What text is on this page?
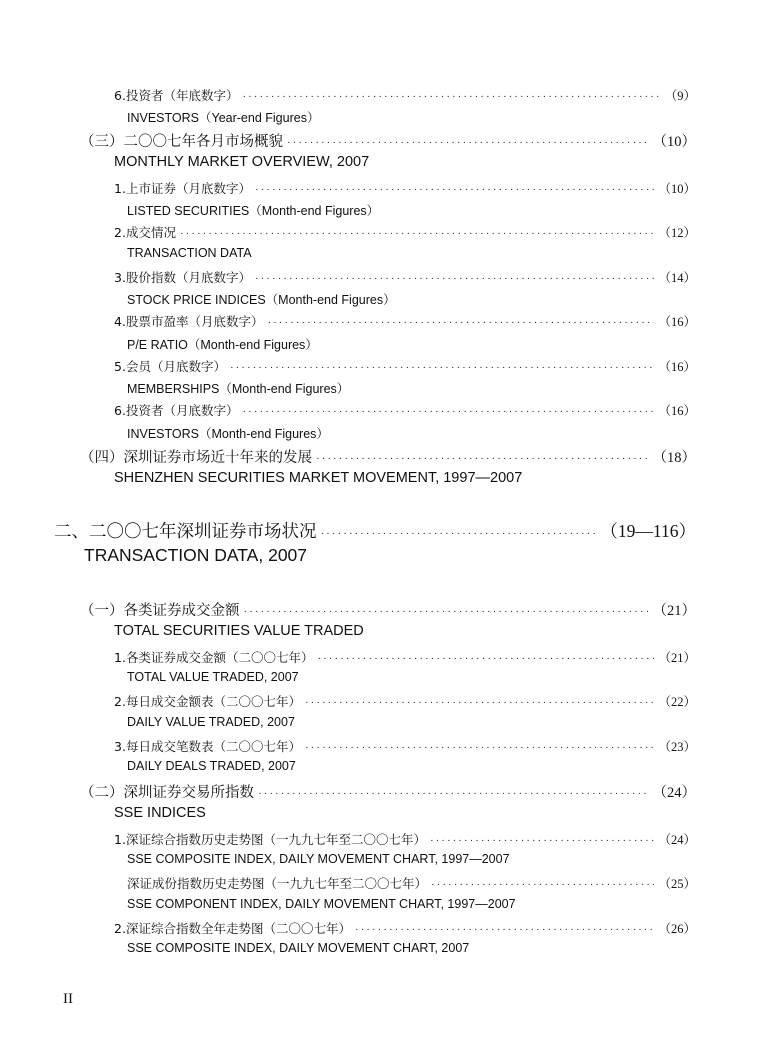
6. 投资者（年底数字） ·····	（9）
INVESTORS（Year-end Figures）
（三）二〇〇七年各月市场概貌 ·····	（10）
MONTHLY MARKET OVERVIEW, 2007
1. 上市证券（月底数字） ·····	（10）
LISTED SECURITIES（Month-end Figures）
2. 成交情况 ·····	（12）
TRANSACTION DATA
3. 股价指数（月底数字） ·····	（14）
STOCK PRICE INDICES（Month-end Figures）
4. 股票市盈率（月底数字） ·····	（16）
P/E RATIO（Month-end Figures）
5. 会员（月底数字） ·····	（16）
MEMBERSHIPS（Month-end Figures）
6. 投资者（月底数字） ·····	（16）
INVESTORS（Month-end Figures）
（四）深圳证券市场近十年来的发展 ·····	（18）
SHENZHEN SECURITIES MARKET MOVEMENT, 1997—2007
二、二〇〇七年深圳证券市场状况 ·····	（19—116）
TRANSACTION DATA, 2007
（一）各类证券成交金额 ·····	（21）
TOTAL SECURITIES VALUE TRADED
1. 各类证券成交金额（二〇〇七年） ·····	（21）
TOTAL VALUE TRADED, 2007
2. 每日成交金额表（二〇〇七年） ·····	（22）
DAILY VALUE TRADED, 2007
3. 每日成交笔数表（二〇〇七年） ·····	（23）
DAILY DEALS TRADED, 2007
（二）深圳证券交易所指数 ·····	（24）
SSE INDICES
1. 深证综合指数历史走势图（一九九七年至二〇〇七年） ·····	（24）
SSE COMPOSITE INDEX, DAILY MOVEMENT CHART, 1997—2007
深证成份指数历史走势图（一九九七年至二〇〇七年） ·····	（25）
SSE COMPONENT INDEX, DAILY MOVEMENT CHART, 1997—2007
2. 深证综合指数全年走势图（二〇〇七年） ·····	（26）
SSE COMPOSITE INDEX, DAILY MOVEMENT CHART, 2007
II
